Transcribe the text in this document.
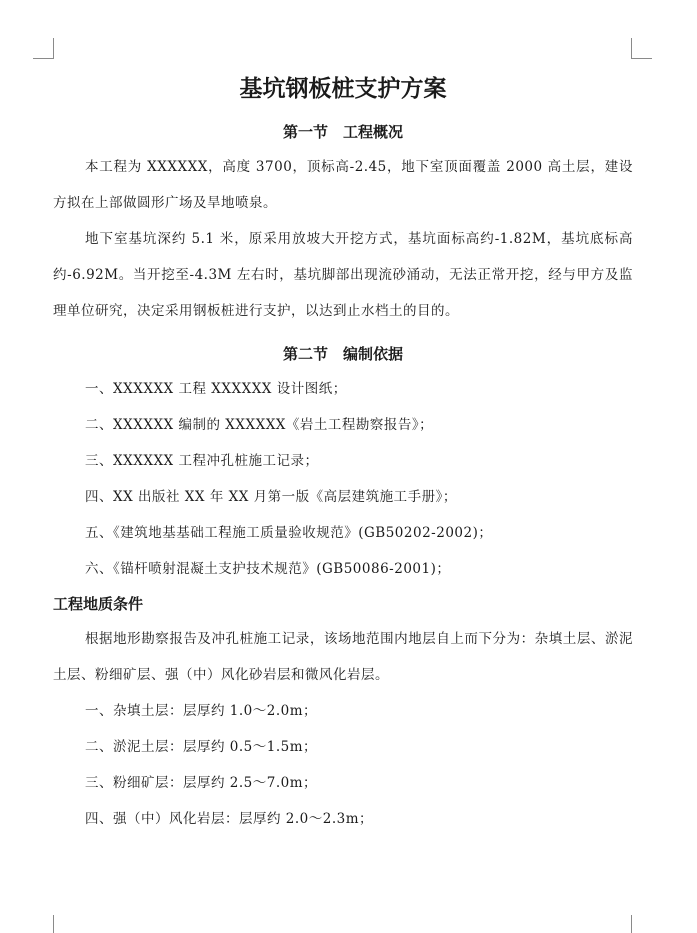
基坑钢板桩支护方案
第一节　工程概况

本工程为 XXXXXX，高度 3700，顶标高-2.45，地下室顶面覆盖 2000 高土层，建设方拟在上部做圆形广场及旱地喷泉。

地下室基坑深约 5.1 米，原采用放坡大开挖方式，基坑面标高约-1.82M，基坑底标高约-6.92M。当开挖至-4.3M 左右时，基坑脚部出现流砂涌动，无法正常开挖，经与甲方及监理单位研究，决定采用钢板桩进行支护，以达到止水档土的目的。

第二节　编制依据

一、XXXXXX 工程 XXXXXX 设计图纸；

二、XXXXXX 编制的 XXXXXX《岩土工程勘察报告》；

三、XXXXXX 工程冲孔桩施工记录；

四、XX 出版社 XX 年 XX 月第一版《高层建筑施工手册》；

五、《建筑地基基础工程施工质量验收规范》(GB50202-2002)；

六、《锚杆喷射混凝土支护技术规范》(GB50086-2001)；

工程地质条件

根据地形勘察报告及冲孔桩施工记录，该场地范围内地层自上而下分为：杂填土层、淤泥土层、粉细矿层、强（中）风化砂岩层和微风化岩层。

一、杂填土层：层厚约 1.0～2.0m；

二、淤泥土层：层厚约 0.5～1.5m；

三、粉细矿层：层厚约 2.5～7.0m；

四、强（中）风化岩层：层厚约 2.0～2.3m；
